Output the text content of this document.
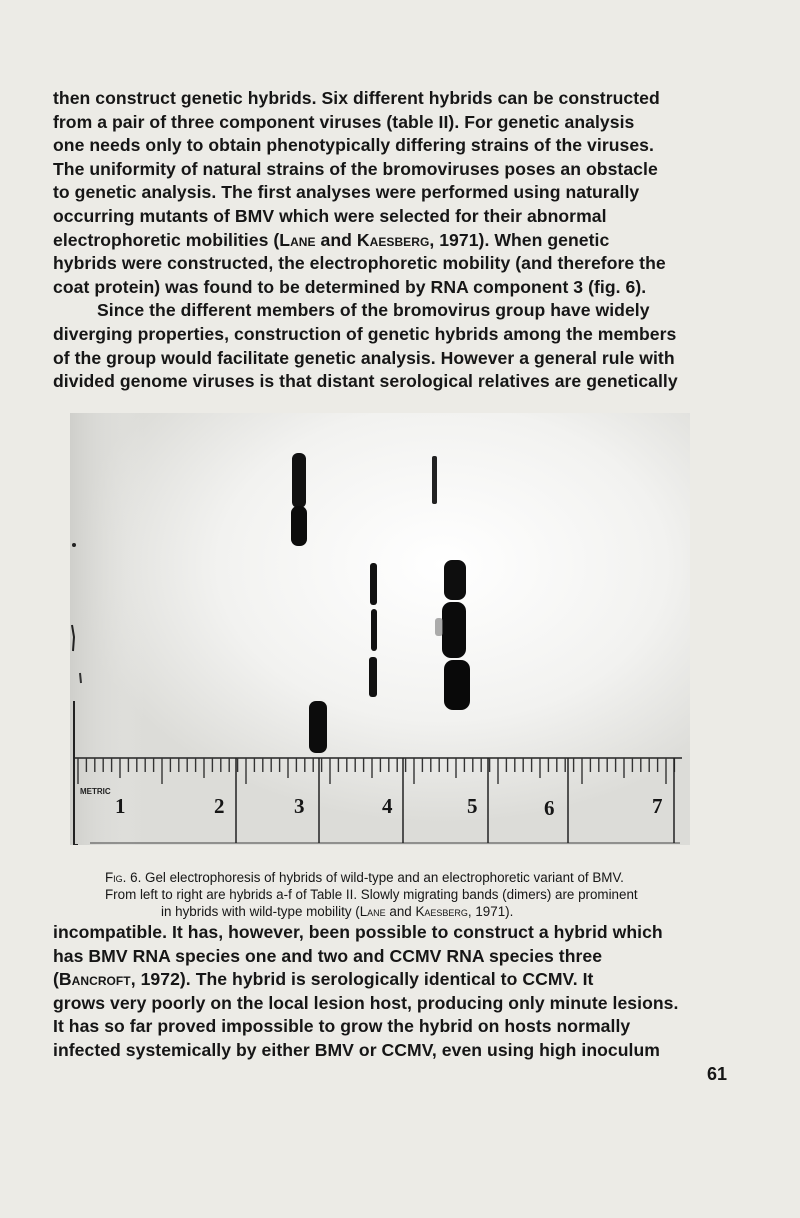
then construct genetic hybrids. Six different hybrids can be constructed
from a pair of three component viruses (table II). For genetic analysis
one needs only to obtain phenotypically differing strains of the viruses.
The uniformity of natural strains of the bromoviruses poses an obstacle
to genetic analysis. The first analyses were performed using naturally
occurring mutants of BMV which were selected for their abnormal
electrophoretic mobilities (Lane and Kaesberg, 1971). When genetic
hybrids were constructed, the electrophoretic mobility (and therefore the
coat protein) was found to be determined by RNA component 3 (fig. 6).
Since the different members of the bromovirus group have widely
diverging properties, construction of genetic hybrids among the members
of the group would facilitate genetic analysis. However a general rule with
divided genome viruses is that distant serological relatives are genetically
METRIC
1	2	3	4	5	6	7
Fig. 6. Gel electrophoresis of hybrids of wild-type and an electrophoretic variant of BMV.
From left to right are hybrids a-f of Table II. Slowly migrating bands (dimers) are prominent
in hybrids with wild-type mobility (Lane and Kaesberg, 1971).
incompatible. It has, however, been possible to construct a hybrid which
has BMV RNA species one and two and CCMV RNA species three
(Bancroft, 1972). The hybrid is serologically identical to CCMV. It
grows very poorly on the local lesion host, producing only minute lesions.
It has so far proved impossible to grow the hybrid on hosts normally
infected systemically by either BMV or CCMV, even using high inoculum
61
